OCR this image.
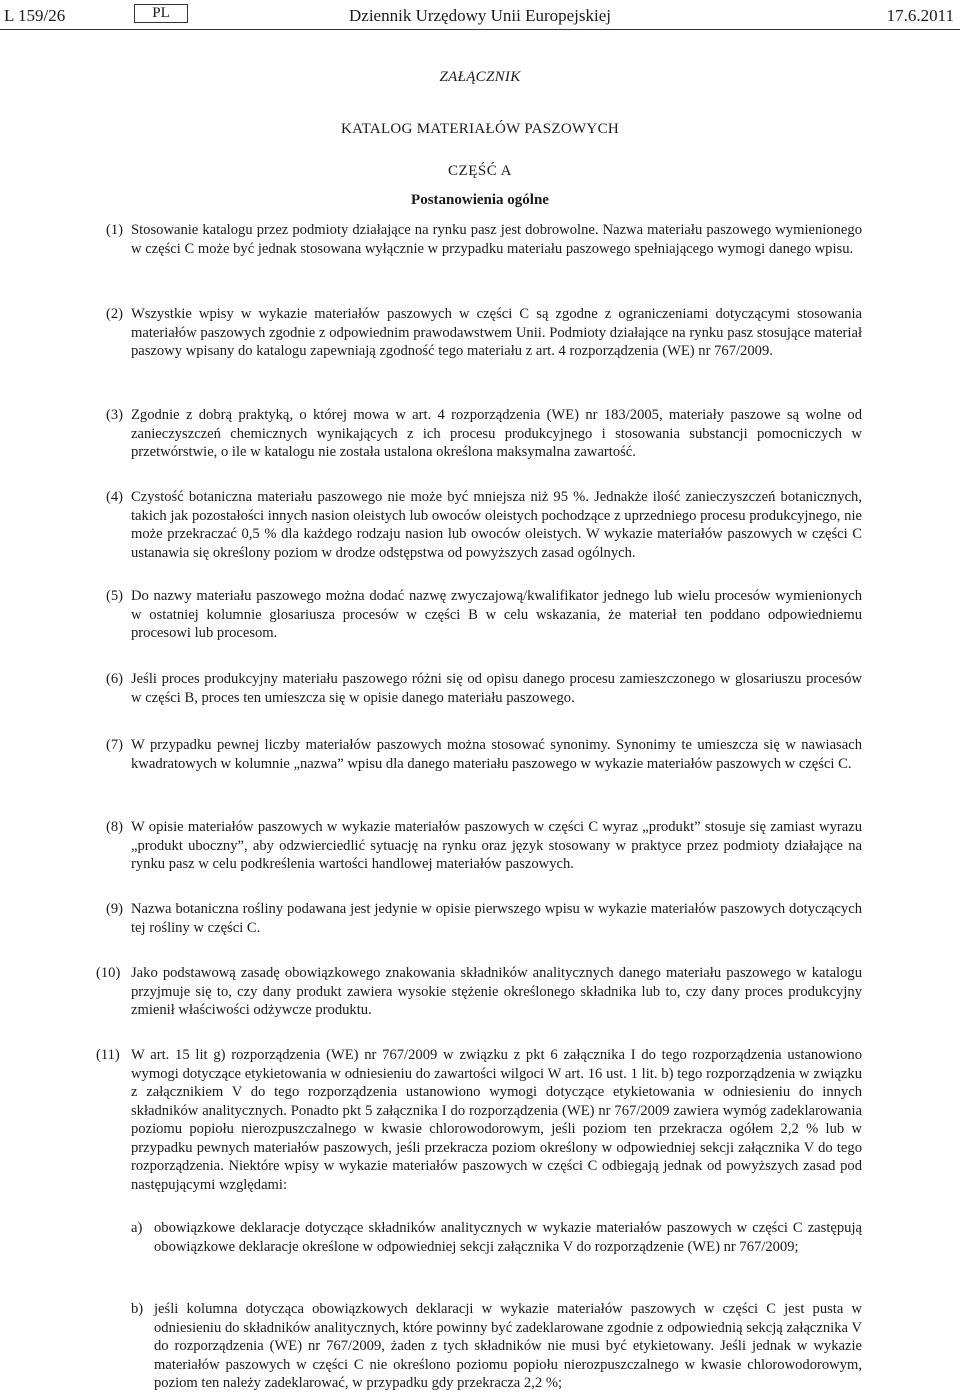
L 159/26	PL	Dziennik Urzędowy Unii Europejskiej	17.6.2011
ZAŁĄCZNIK
KATALOG MATERIAŁÓW PASZOWYCH
CZĘŚĆ A
Postanowienia ogólne
(1) Stosowanie katalogu przez podmioty działające na rynku pasz jest dobrowolne. Nazwa materiału paszowego wymienionego w części C może być jednak stosowana wyłącznie w przypadku materiału paszowego spełniającego wymogi danego wpisu.
(2) Wszystkie wpisy w wykazie materiałów paszowych w części C są zgodne z ograniczeniami dotyczącymi stosowania materiałów paszowych zgodnie z odpowiednim prawodawstwem Unii. Podmioty działające na rynku pasz stosujące materiał paszowy wpisany do katalogu zapewniają zgodność tego materiału z art. 4 rozporządzenia (WE) nr 767/2009.
(3) Zgodnie z dobrą praktyką, o której mowa w art. 4 rozporządzenia (WE) nr 183/2005, materiały paszowe są wolne od zanieczyszczeń chemicznych wynikających z ich procesu produkcyjnego i stosowania substancji pomocniczych w przetwórstwie, o ile w katalogu nie została ustalona określona maksymalna zawartość.
(4) Czystość botaniczna materiału paszowego nie może być mniejsza niż 95 %. Jednakże ilość zanieczyszczeń botanicznych, takich jak pozostałości innych nasion oleistych lub owoców oleistych pochodzące z uprzedniego procesu produkcyjnego, nie może przekraczać 0,5 % dla każdego rodzaju nasion lub owoców oleistych. W wykazie materiałów paszowych w części C ustanawia się określony poziom w drodze odstępstwa od powyższych zasad ogólnych.
(5) Do nazwy materiału paszowego można dodać nazwę zwyczajową/kwalifikator jednego lub wielu procesów wymienionych w ostatniej kolumnie glosariusza procesów w części B w celu wskazania, że materiał ten poddano odpowiedniemu procesowi lub procesom.
(6) Jeśli proces produkcyjny materiału paszowego różni się od opisu danego procesu zamieszczonego w glosariuszu procesów w części B, proces ten umieszcza się w opisie danego materiału paszowego.
(7) W przypadku pewnej liczby materiałów paszowych można stosować synonimy. Synonimy te umieszcza się w nawiasach kwadratowych w kolumnie „nazwa” wpisu dla danego materiału paszowego w wykazie materiałów paszowych w części C.
(8) W opisie materiałów paszowych w wykazie materiałów paszowych w części C wyraz „produkt” stosuje się zamiast wyrazu „produkt uboczny”, aby odzwierciedlić sytuację na rynku oraz język stosowany w praktyce przez podmioty działające na rynku pasz w celu podkreślenia wartości handlowej materiałów paszowych.
(9) Nazwa botaniczna rośliny podawana jest jedynie w opisie pierwszego wpisu w wykazie materiałów paszowych dotyczących tej rośliny w części C.
(10) Jako podstawową zasadę obowiązkowego znakowania składników analitycznych danego materiału paszowego w katalogu przyjmuje się to, czy dany produkt zawiera wysokie stężenie określonego składnika lub to, czy dany proces produkcyjny zmienił właściwości odżywcze produktu.
(11) W art. 15 lit g) rozporządzenia (WE) nr 767/2009 w związku z pkt 6 załącznika I do tego rozporządzenia ustanowiono wymogi dotyczące etykietowania w odniesieniu do zawartości wilgoci W art. 16 ust. 1 lit. b) tego rozporządzenia w związku z załącznikiem V do tego rozporządzenia ustanowiono wymogi dotyczące etykietowania w odniesieniu do innych składników analitycznych. Ponadto pkt 5 załącznika I do rozporządzenia (WE) nr 767/2009 zawiera wymóg zadeklarowania poziomu popiołu nierozpuszczalnego w kwasie chlorowodorowym, jeśli poziom ten przekracza ogółem 2,2 % lub w przypadku pewnych materiałów paszowych, jeśli przekracza poziom określony w odpowiedniej sekcji załącznika V do tego rozporządzenia. Niektóre wpisy w wykazie materiałów paszowych w części C odbiegają jednak od powyższych zasad pod następującymi względami:
a) obowiązkowe deklaracje dotyczące składników analitycznych w wykazie materiałów paszowych w części C zastępują obowiązkowe deklaracje określone w odpowiedniej sekcji załącznika V do rozporządzenie (WE) nr 767/2009;
b) jeśli kolumna dotycząca obowiązkowych deklaracji w wykazie materiałów paszowych w części C jest pusta w odniesieniu do składników analitycznych, które powinny być zadeklarowane zgodnie z odpowiednią sekcją załącznika V do rozporządzenia (WE) nr 767/2009, żaden z tych składników nie musi być etykietowany. Jeśli jednak w wykazie materiałów paszowych w części C nie określono poziomu popiołu nierozpuszczalnego w kwasie chlorowodorowym, poziom ten należy zadeklarować, w przypadku gdy przekracza 2,2 %;
